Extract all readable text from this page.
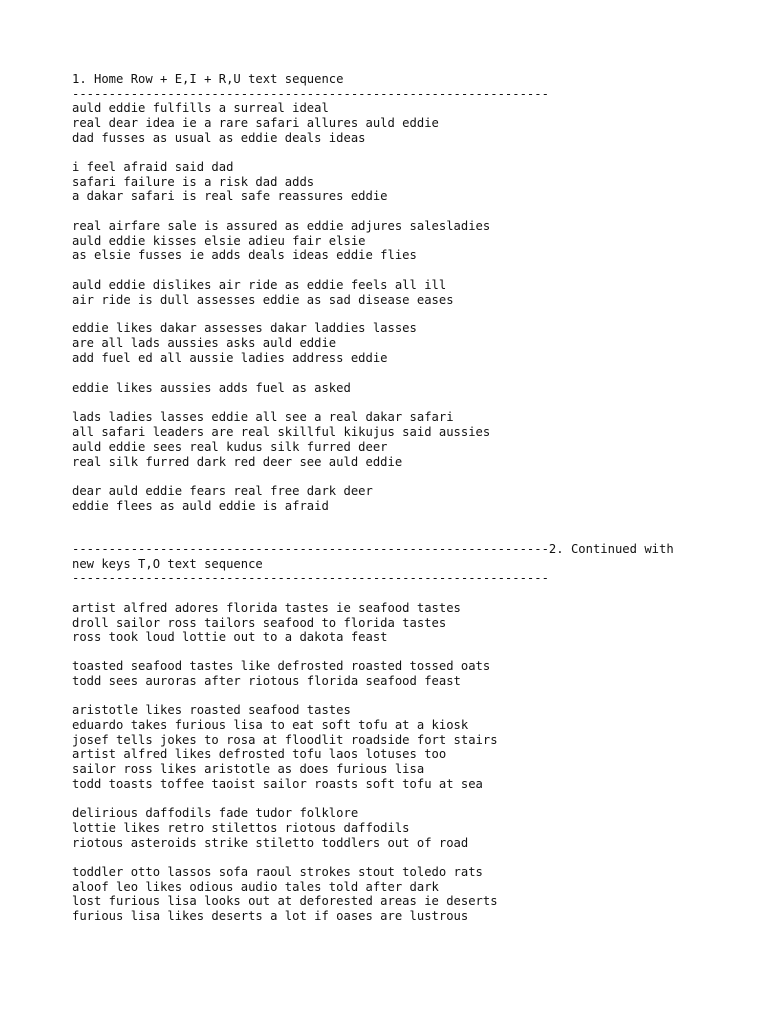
1. Home Row + E,I + R,U text sequence

-----------------------------------------------------------------

auld eddie fulfills a surreal ideal

real dear idea ie a rare safari allures auld eddie

dad fusses as usual as eddie deals ideas

i feel afraid said dad

safari failure is a risk dad adds

a dakar safari is real safe reassures eddie

real airfare sale is assured as eddie adjures salesladies

auld eddie kisses elsie adieu fair elsie

as elsie fusses ie adds deals ideas eddie flies

auld eddie dislikes air ride as eddie feels all ill

air ride is dull assesses eddie as sad disease eases

eddie likes dakar assesses dakar laddies lasses

are all lads aussies asks auld eddie

add fuel ed all aussie ladies address eddie

eddie likes aussies adds fuel as asked

lads ladies lasses eddie all see a real dakar safari

all safari leaders are real skillful kikujus said aussies

auld eddie sees real kudus silk furred deer

real silk furred dark red deer see auld eddie

dear auld eddie fears real free dark deer

eddie flees as auld eddie is afraid

-----------------------------------------------------------------2. Continued with

new keys T,O text sequence

-----------------------------------------------------------------

artist alfred adores florida tastes ie seafood tastes

droll sailor ross tailors seafood to florida tastes

ross took loud lottie out to a dakota feast

toasted seafood tastes like defrosted roasted tossed oats

todd sees auroras after riotous florida seafood feast

aristotle likes roasted seafood tastes

eduardo takes furious lisa to eat soft tofu at a kiosk

josef tells jokes to rosa at floodlit roadside fort stairs

artist alfred likes defrosted tofu laos lotuses too

sailor ross likes aristotle as does furious lisa

todd toasts toffee taoist sailor roasts soft tofu at sea

delirious daffodils fade tudor folklore

lottie likes retro stilettos riotous daffodils

riotous asteroids strike stiletto toddlers out of road

toddler otto lassos sofa raoul strokes stout toledo rats

aloof leo likes odious audio tales told after dark

lost furious lisa looks out at deforested areas ie deserts

furious lisa likes deserts a lot if oases are lustrous
